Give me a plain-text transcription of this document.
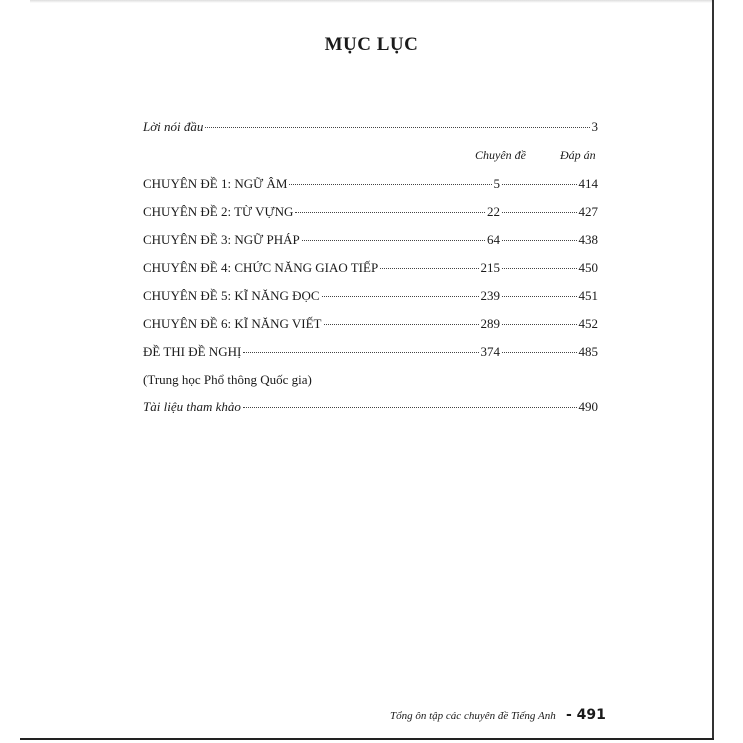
MỤC LỤC
Lời nói đầu	3
Chuyên đề	Đáp án
CHUYÊN ĐỀ 1: NGỮ ÂM	5	414
CHUYÊN ĐỀ 2: TỪ VỰNG	22	427
CHUYÊN ĐỀ 3: NGỮ PHÁP	64	438
CHUYÊN ĐỀ 4: CHỨC NĂNG GIAO TIẾP	215	450
CHUYÊN ĐỀ 5: KĨ NĂNG ĐỌC	239	451
CHUYÊN ĐỀ 6: KĨ NĂNG VIẾT	289	452
ĐỀ THI ĐỀ NGHỊ	374	485
(Trung học Phổ thông Quốc gia)
Tài liệu tham khảo	490
Tổng ôn tập các chuyên đề Tiếng Anh - 491
